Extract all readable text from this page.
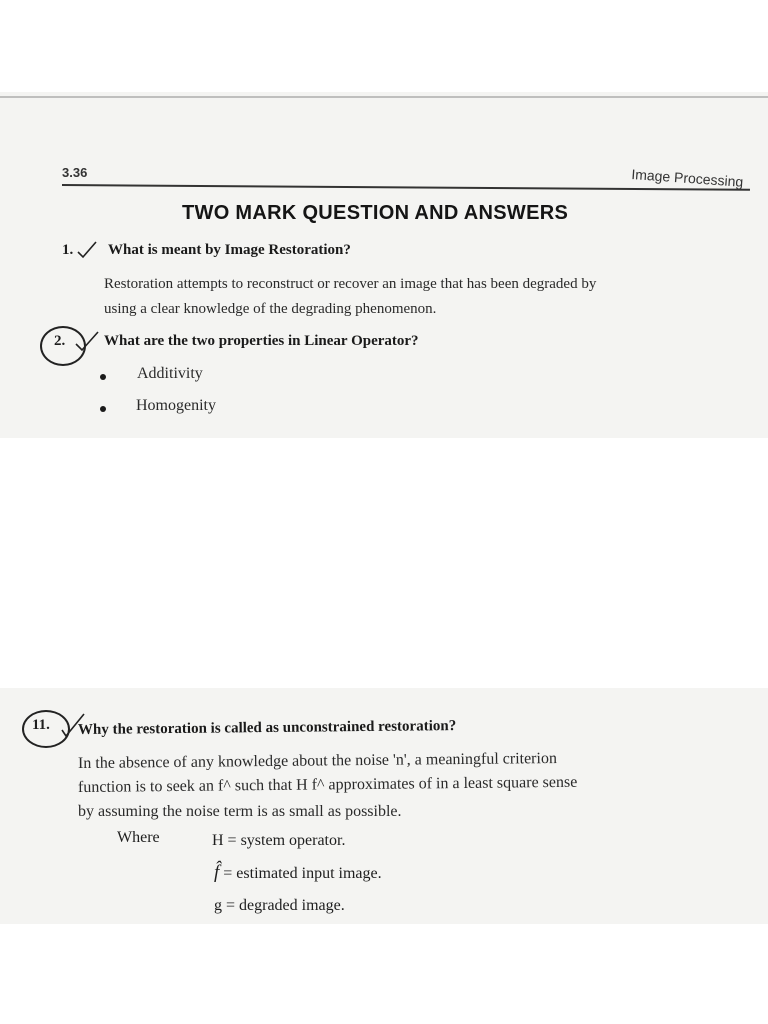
3.36	Image Processing
TWO MARK QUESTION AND ANSWERS
1. What is meant by Image Restoration?
Restoration attempts to reconstruct or recover an image that has been degraded by
using a clear knowledge of the degrading phenomenon.
2.	What are the two properties in Linear Operator?
Additivity
Homogenity
11. Why the restoration is called as unconstrained restoration?
In the absence of any knowledge about the noise 'n', a meaningful criterion
function is to seek an f^ such that H f^ approximates of in a least square sense
by assuming the noise term is as small as possible.
Where	H = system operator.
f̂ = estimated input image.
g = degraded image.
